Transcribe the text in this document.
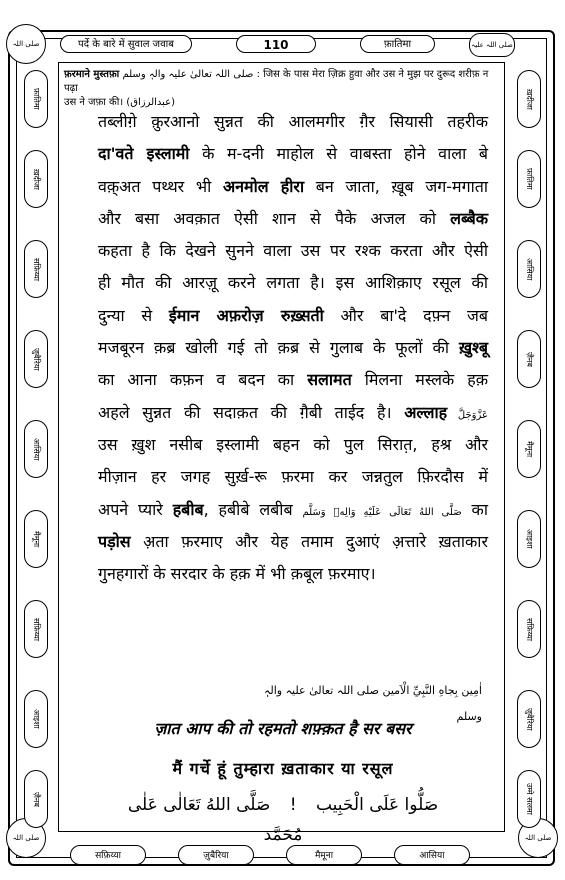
पर्दे के बारे में सुवाल जवाब	110	फ़ातिमा	صلی اللہ علیہ
صلی اللہ
صلی اللہ	صلی اللہ
फ़ातिमा
ख़दीजा
सफ़िय्या
ज़ुबैरिया
आसिया
मैमूना
सफ़िय्या
आइशा
ज़ैनब
ख़दीजा
फ़ातिमा
आसिया
ज़ैनब
मैमूना
आइशा
सफ़िय्या
ज़ुबैरिया
उम्मे सलमा
सफ़िय्या	ज़ुबैरिया	मैमूना	आसिया
फ़रमाने मुस्तफ़ा صلی اللہ تعالیٰ علیہ والہٖ وسلم : जिस के पास मेरा ज़िक्र हुवा और उस ने मुझ पर दुरूद शरीफ़ न पढ़ा
उस ने जफ़ा की। (عبدالرزاق)
तब्लीग़े क़ुरआनो सुन्नत की आलमगीर ग़ैर सियासी तहरीक
दा'वते इस्लामी के म-दनी माहोल से वाबस्ता होने वाला बे
वक़्अत पथ्थर भी अनमोल हीरा बन जाता, ख़ूब जग-मगाता
और बसा अवक़ात ऐसी शान से पैके अजल को लब्बैक
कहता है कि देखने सुनने वाला उस पर रश्क करता और ऐसी
ही मौत की आरज़ू करने लगता है। इस आशिक़ाए रसूल की
दुन्या से ईमान अफ़रोज़ रुख़्सती और बा'दे दफ़्न जब
मजबूरन क़ब्र खोली गई तो क़ब्र से गुलाब के फूलों की ख़ुश्बू
का आना कफ़न व बदन का सलामत मिलना मस्लके हक़
अहले सुन्नत की सदाक़त की ग़ैबी ताईद है। अल्लाह عَزَّوَجَلَّ
उस ख़ुश नसीब इस्लामी बहन को पुल सिरात़, हश्र और
मीज़ान हर जगह सुर्ख़-रू फ़रमा कर जन्नतुल फ़िरदौस में
अपने प्यारे हबीब, हबीबे लबीब صَلَّى اللهُ تَعَالَى عَلَيْهِ وَالِهٖ وَسَلَّم का
पड़ोस अ़ता फ़रमाए और येह तमाम दुआएं अ़त्तारे ख़ताकार
गुनहगारों के सरदार के हक़ में भी क़बूल फ़रमाए।
اٰمِين بِجاهِ النَّبِيِّ الْاَمين صلی اللہ تعالیٰ علیہ والہٖ وسلم
ज़ात आप की तो रहमतो शफ़्क़त है सर बसर
मैं गर्चे हूं तुम्हारा ख़ताकार या रसूल
صَلُّوا عَلَى الْحَبِيب ! صَلَّى اللهُ تَعَالٰى عَلٰى مُحَمَّد
